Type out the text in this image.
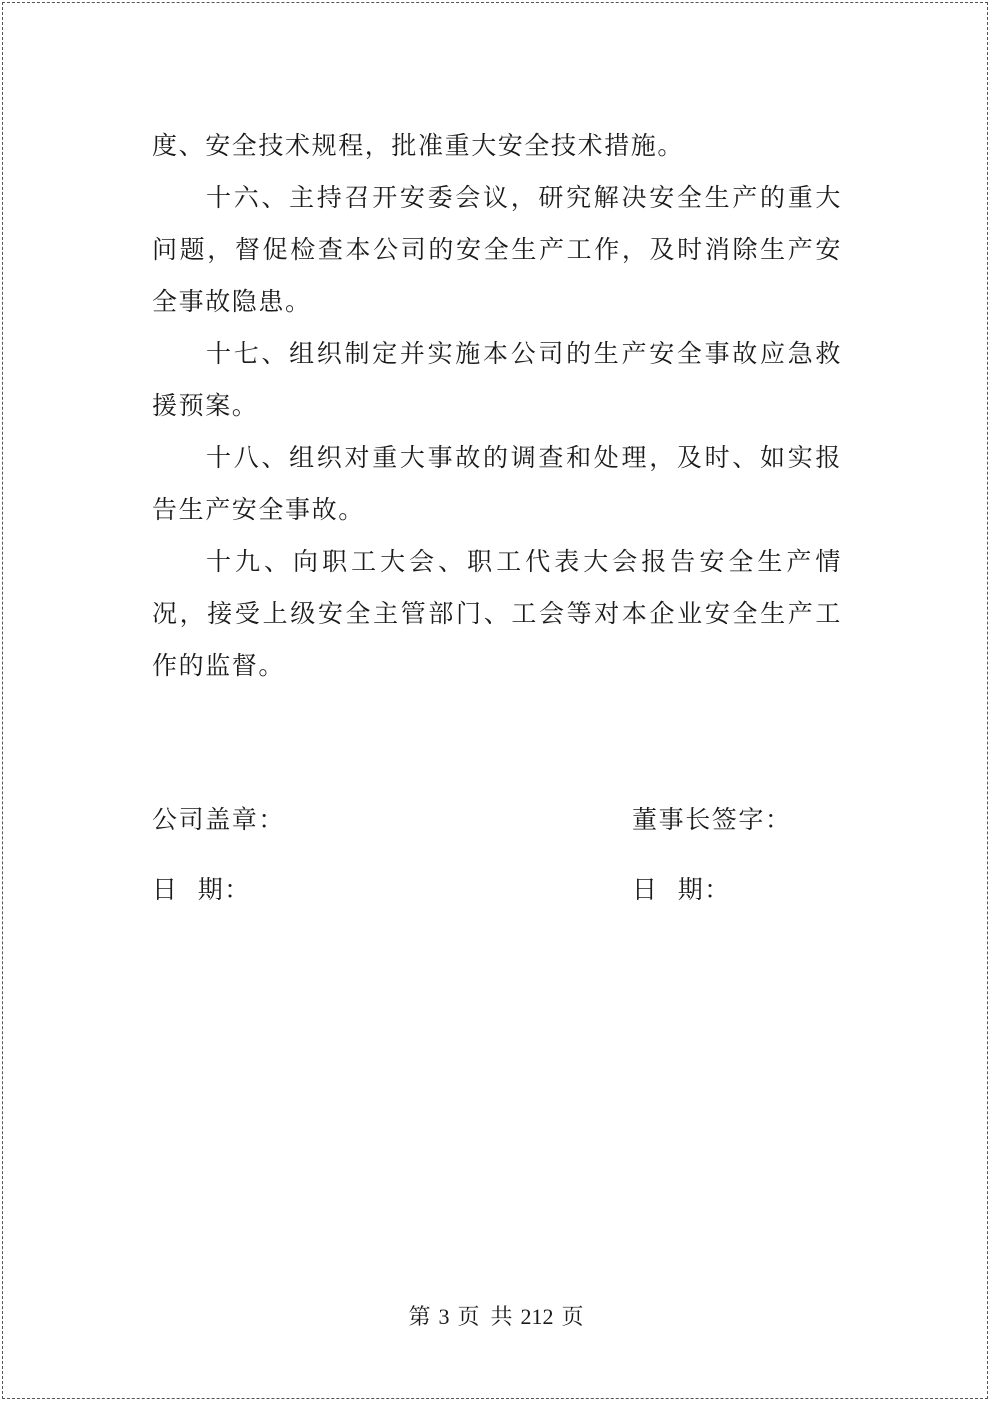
度、安全技术规程，批准重大安全技术措施。

十六、主持召开安委会议，研究解决安全生产的重大问题，督促检查本公司的安全生产工作，及时消除生产安全事故隐患。

十七、组织制定并实施本公司的生产安全事故应急救援预案。

十八、组织对重大事故的调查和处理，及时、如实报告生产安全事故。

十九、向职工大会、职工代表大会报告安全生产情况，接受上级安全主管部门、工会等对本企业安全生产工作的监督。

公司盖章：	董事长签字：
日  期：	日  期：
第 3 页  共 212 页
